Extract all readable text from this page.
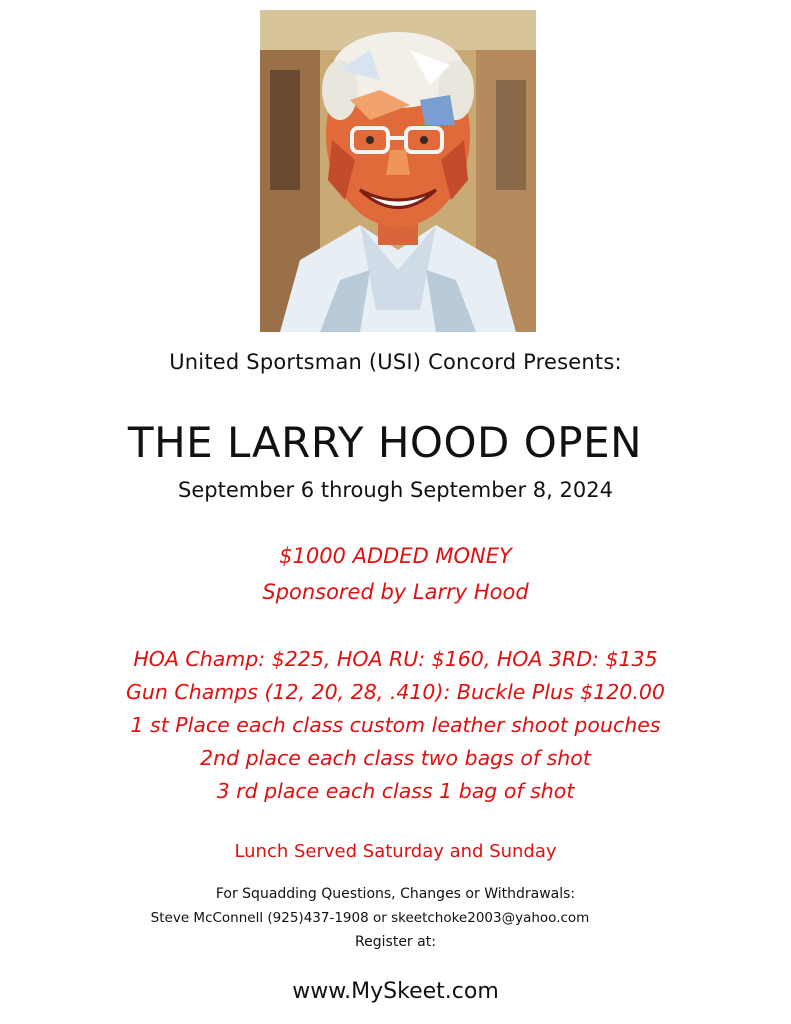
United Sportsman (USI) Concord Presents:
THE LARRY HOOD OPEN
September 6 through September 8, 2024
$1000 ADDED MONEY
Sponsored by Larry Hood
HOA Champ: $225, HOA RU: $160, HOA 3RD: $135
Gun Champs (12, 20, 28, .410): Buckle Plus $120.00
1 st Place each class custom leather shoot pouches
2nd place each class two bags of shot
3 rd place each class 1 bag of shot
Lunch Served Saturday and Sunday
For Squadding Questions, Changes or Withdrawals:
Steve McConnell (925)437-1908 or skeetchoke2003@yahoo.com
Register at:
www.MySkeet.com
